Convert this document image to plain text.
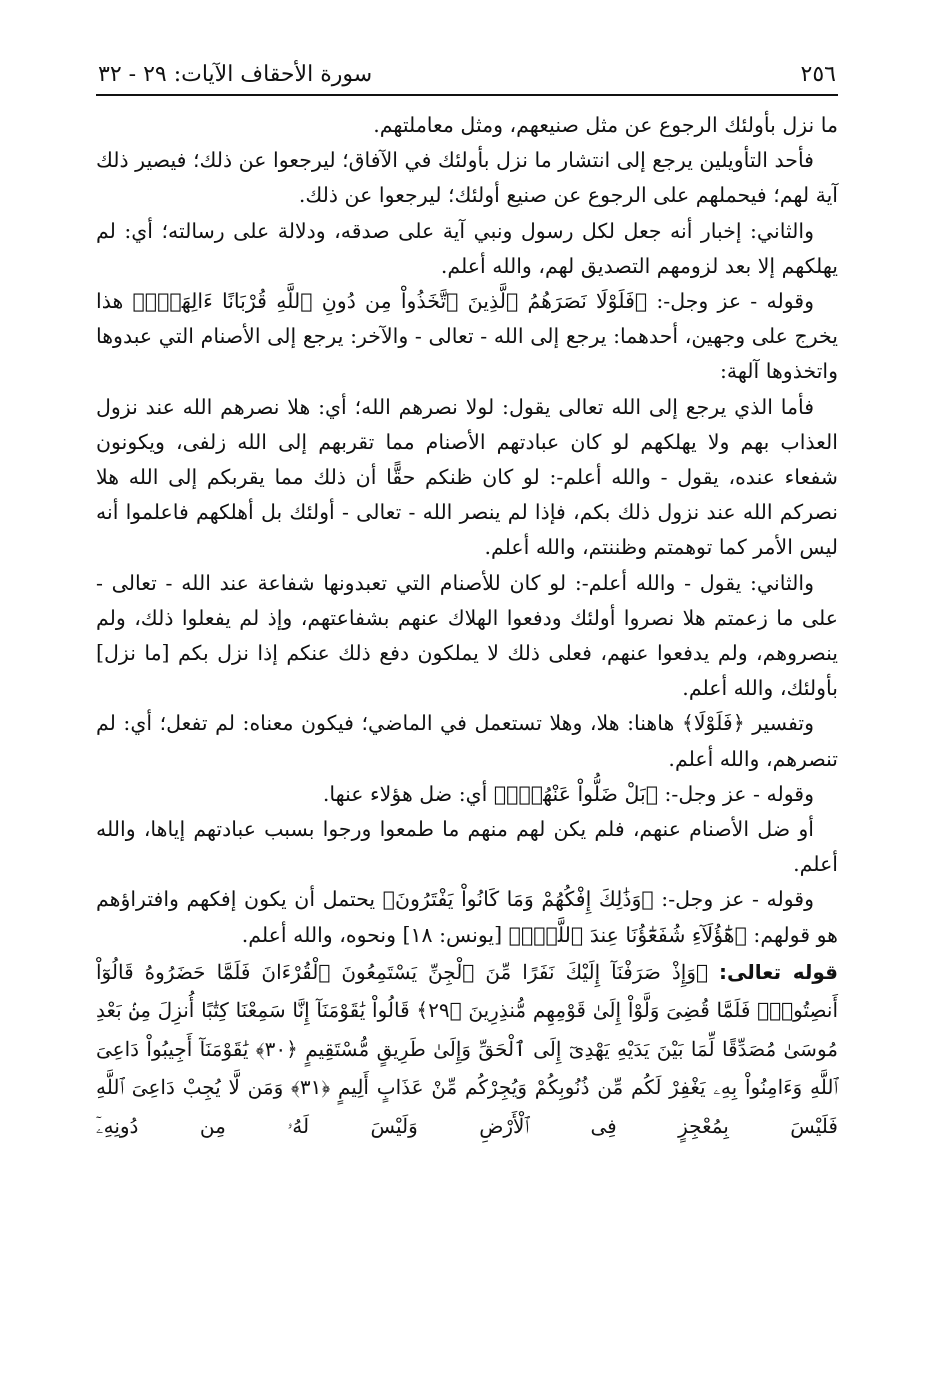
٢٥٦
سورة الأحقاف الآيات: ٢٩ - ٣٢

ما نزل بأولئك الرجوع عن مثل صنيعهم، ومثل معاملتهم.

فأحد التأويلين يرجع إلى انتشار ما نزل بأولئك في الآفاق؛ ليرجعوا عن ذلك؛ فيصير ذلك آية لهم؛ فيحملهم على الرجوع عن صنيع أولئك؛ ليرجعوا عن ذلك.

والثاني: إخبار أنه جعل لكل رسول ونبي آية على صدقه، ودلالة على رسالته؛ أي: لم يهلكهم إلا بعد لزومهم التصديق لهم، والله أعلم.

وقوله - عز وجل-: ﴿فَلَوْلَا نَصَرَهُمُ ٱلَّذِينَ ٱتَّخَذُواْ مِن دُونِ ٱللَّهِ قُرْبَانًا ءَالِهَةَۢ﴾ هذا يخرج على وجهين، أحدهما: يرجع إلى الله - تعالى - والآخر: يرجع إلى الأصنام التي عبدوها واتخذوها آلهة:

فأما الذي يرجع إلى الله تعالى يقول: لولا نصرهم الله؛ أي: هلا نصرهم الله عند نزول العذاب بهم ولا يهلكهم لو كان عبادتهم الأصنام مما تقربهم إلى الله زلفى، ويكونون شفعاء عنده، يقول - والله أعلم-: لو كان ظنكم حقًّا أن ذلك مما يقربكم إلى الله هلا نصركم الله عند نزول ذلك بكم، فإذا لم ينصر الله - تعالى - أولئك بل أهلكهم فاعلموا أنه ليس الأمر كما توهمتم وظننتم، والله أعلم.

والثاني: يقول - والله أعلم-: لو كان للأصنام التي تعبدونها شفاعة عند الله - تعالى - على ما زعمتم هلا نصروا أولئك ودفعوا الهلاك عنهم بشفاعتهم، وإذ لم يفعلوا ذلك، ولم ينصروهم، ولم يدفعوا عنهم، فعلى ذلك لا يملكون دفع ذلك عنكم إذا نزل بكم [ما نزل] بأولئك، والله أعلم.

وتفسير ﴿فَلَوْلَا﴾ هاهنا: هلا، وهلا تستعمل في الماضي؛ فيكون معناه: لم تفعل؛ أي: لم تنصرهم، والله أعلم.

وقوله - عز وجل-: ﴿بَلْ ضَلُّواْ عَنْهُمْۚ﴾ أي: ضل هؤلاء عنها.

أو ضل الأصنام عنهم، فلم يكن لهم منهم ما طمعوا ورجوا بسبب عبادتهم إياها، والله أعلم.

وقوله - عز وجل-: ﴿وَذَٰلِكَ إِفْكُهُمْ وَمَا كَانُواْ يَفْتَرُونَ﴾ يحتمل أن يكون إفكهم وافتراؤهم هو قولهم: ﴿هَٰٓؤُلَآءِ شُفَعَٰٓؤُنَا عِندَ ٱللَّهِۚ﴾ [يونس: ١٨] ونحوه، والله أعلم.

قوله تعالى: ﴿وَإِذْ صَرَفْنَآ إِلَيْكَ نَفَرًا مِّنَ ٱلْجِنِّ يَسْتَمِعُونَ ٱلْقُرْءَانَ فَلَمَّا حَضَرُوهُ قَالُوٓاْ أَنصِتُواْۖ فَلَمَّا قُضِىَ وَلَّوْاْ إِلَىٰ قَوْمِهِم مُّنذِرِينَ ﴿٢٩﴾ قَالُواْ يَٰقَوْمَنَآ إِنَّا سَمِعْنَا كِتَٰبًا أُنزِلَ مِنۢ بَعْدِ مُوسَىٰ مُصَدِّقًا لِّمَا بَيْنَ يَدَيْهِ يَهْدِىٓ إِلَى ٱلْحَقِّ وَإِلَىٰ طَرِيقٍ مُّسْتَقِيمٍ ﴿٣٠﴾ يَٰقَوْمَنَآ أَجِيبُواْ دَاعِىَ ٱللَّهِ وَءَامِنُواْ بِهِۦ يَغْفِرْ لَكُم مِّن ذُنُوبِكُمْ وَيُجِرْكُم مِّنْ عَذَابٍ أَلِيمٍ ﴿٣١﴾ وَمَن لَّا يُجِبْ دَاعِىَ ٱللَّهِ فَلَيْسَ بِمُعْجِزٍ فِى ٱلْأَرْضِ وَلَيْسَ لَهُۥ مِن دُونِهِۦٓ
